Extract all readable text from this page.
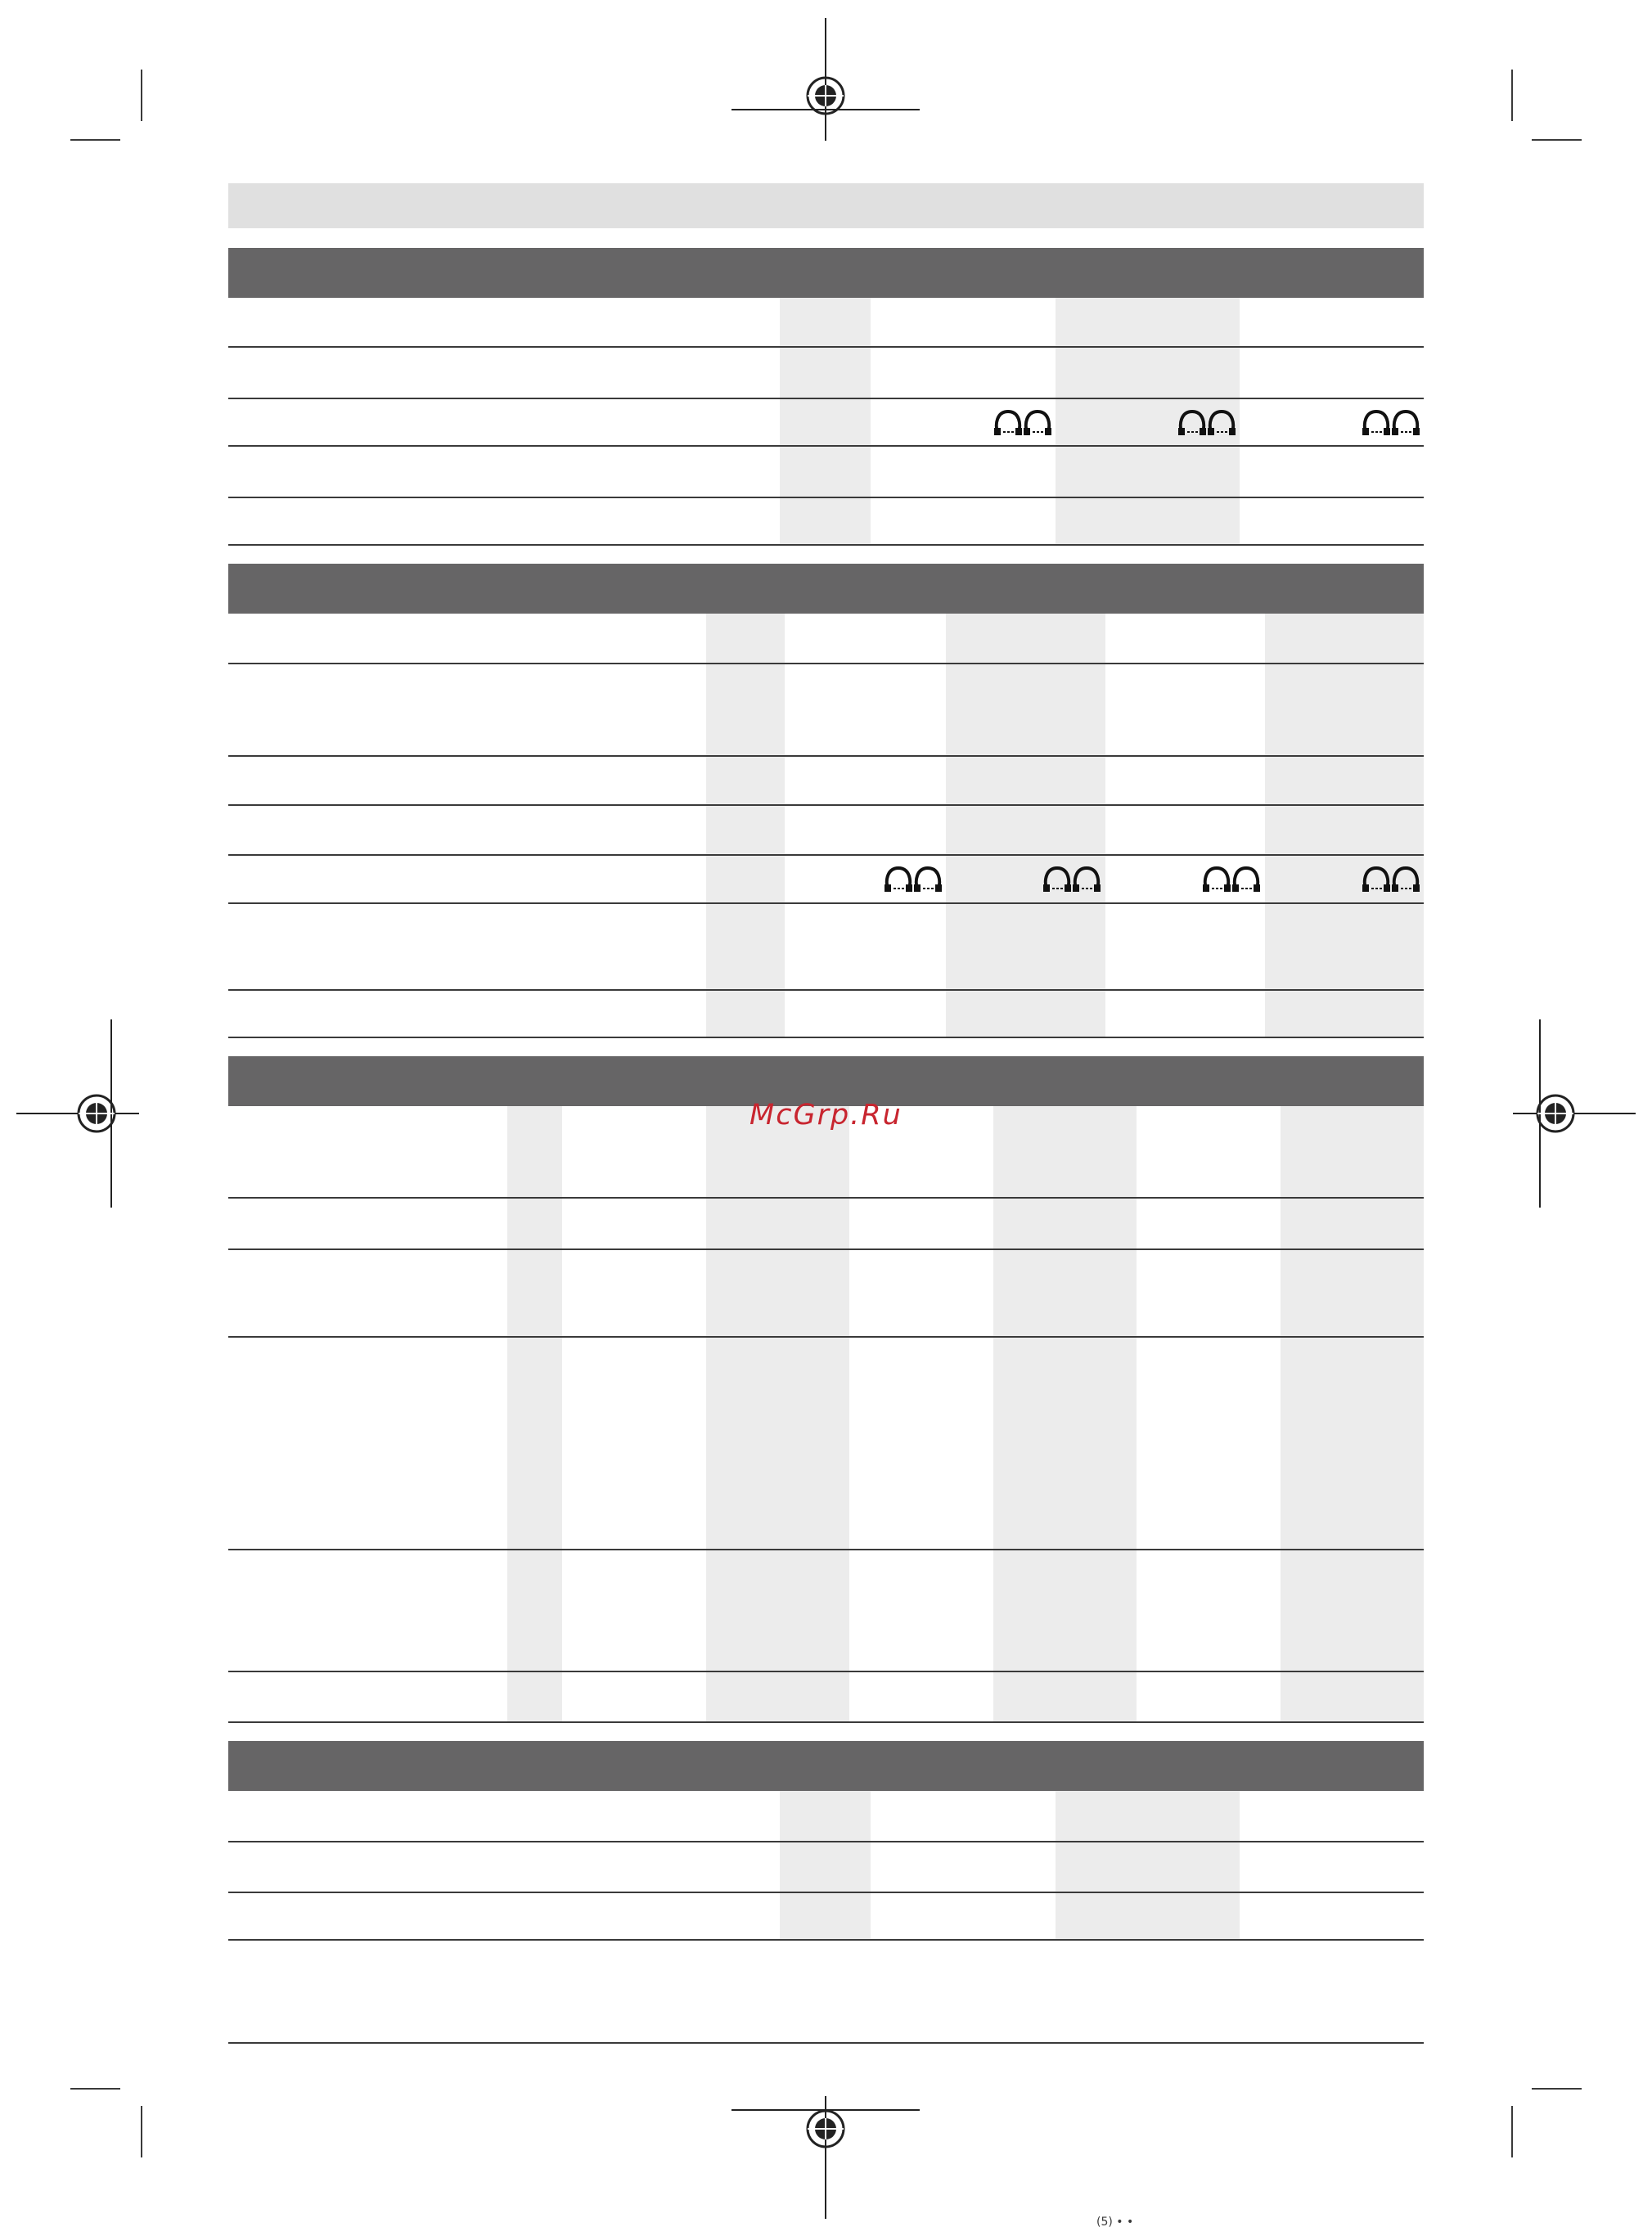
McGrp.Ru
(5) • •
